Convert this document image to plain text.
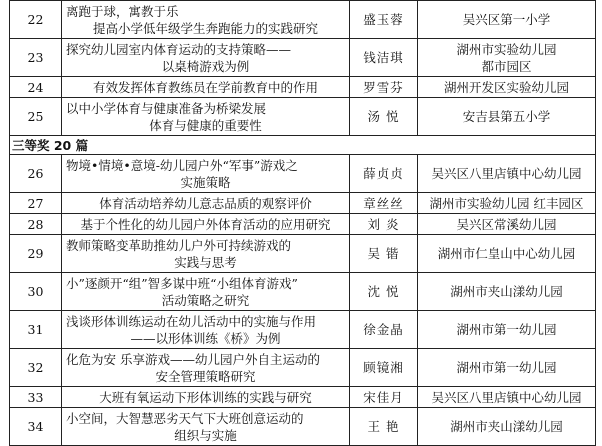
22	离跑于球，寓教于乐
提高小学低年级学生奔跑能力的实践研究	盛玉蓉	吴兴区第一小学

23	探究幼儿园室内体育运动的支持策略——
以桌椅游戏为例	钱洁琪	湖州市实验幼儿园
都市园区

24	有效发挥体育教练员在学前教育中的作用	罗雪芬	湖州开发区实验幼儿园

25	以中小学体育与健康准备为桥梁发展
体育与健康的重要性	汤 悦	安吉县第五小学

三等奖 20 篇			
26	物境•情境•意境-幼儿园户外“军事”游戏之
实施策略	薛贞贞	吴兴区八里店镇中心幼儿园

27	体育活动培养幼儿意志品质的观察评价	章丝丝	湖州市实验幼儿园 红丰园区

28	基于个性化的幼儿园户外体育活动的应用研究	刘 炎	吴兴区常溪幼儿园

29	教师策略变革助推幼儿户外可持续游戏的
实践与思考	吴 锴	湖州市仁皇山中心幼儿园

30	小”逐颜开“组”智多谋中班“小组体育游戏”
活动策略之研究	沈 悦	湖州市夹山漾幼儿园

31	浅谈形体训练运动在幼儿活动中的实施与作用
——以形体训练《桥》为例	徐金晶	湖州市第一幼儿园

32	化危为安 乐享游戏——幼儿园户外自主运动的
安全管理策略研究	顾镜湘	湖州市第一幼儿园

33	大班有氧运动下形体训练的实践与研究	宋佳月	吴兴区八里店镇中心幼儿园

34	小空间，大智慧恶劣天气下大班创意运动的
组织与实施	王 艳	湖州市夹山漾幼儿园
